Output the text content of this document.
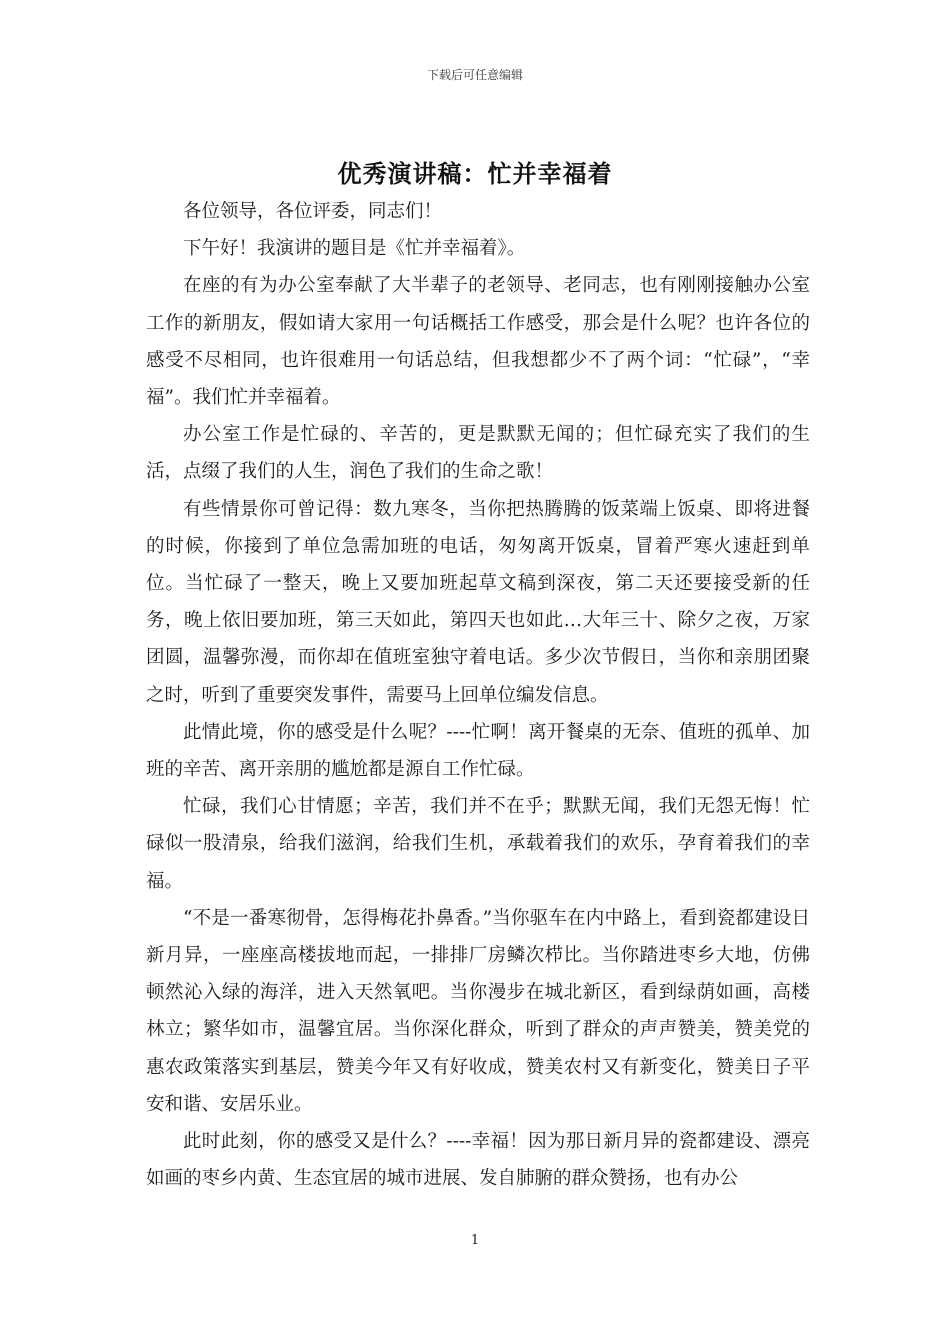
下载后可任意编辑
优秀演讲稿：忙并幸福着

各位领导，各位评委，同志们！

下午好！我演讲的题目是《忙并幸福着》。

在座的有为办公室奉献了大半辈子的老领导、老同志，也有刚刚接触办公室工作的新朋友，假如请大家用一句话概括工作感受，那会是什么呢？也许各位的感受不尽相同，也许很难用一句话总结，但我想都少不了两个词：“忙碌”，“幸福”。我们忙并幸福着。

办公室工作是忙碌的、辛苦的，更是默默无闻的；但忙碌充实了我们的生活，点缀了我们的人生，润色了我们的生命之歌！

有些情景你可曾记得：数九寒冬，当你把热腾腾的饭菜端上饭桌、即将进餐的时候，你接到了单位急需加班的电话，匆匆离开饭桌，冒着严寒火速赶到单位。当忙碌了一整天，晚上又要加班起草文稿到深夜，第二天还要接受新的任务，晚上依旧要加班，第三天如此，第四天也如此…大年三十、除夕之夜，万家团圆，温馨弥漫，而你却在值班室独守着电话。多少次节假日，当你和亲朋团聚之时，听到了重要突发事件，需要马上回单位编发信息。

此情此境，你的感受是什么呢？----忙啊！离开餐桌的无奈、值班的孤单、加班的辛苦、离开亲朋的尴尬都是源自工作忙碌。

忙碌，我们心甘情愿；辛苦，我们并不在乎；默默无闻，我们无怨无悔！忙碌似一股清泉，给我们滋润，给我们生机，承载着我们的欢乐，孕育着我们的幸福。

“不是一番寒彻骨，怎得梅花扑鼻香。”当你驱车在内中路上，看到瓷都建设日新月异，一座座高楼拔地而起，一排排厂房鳞次栉比。当你踏进枣乡大地，仿佛顿然沁入绿的海洋，进入天然氧吧。当你漫步在城北新区，看到绿荫如画，高楼林立；繁华如市，温馨宜居。当你深化群众，听到了群众的声声赞美，赞美党的惠农政策落实到基层，赞美今年又有好收成，赞美农村又有新变化，赞美日子平安和谐、安居乐业。

此时此刻，你的感受又是什么？----幸福！因为那日新月异的瓷都建设、漂亮如画的枣乡内黄、生态宜居的城市进展、发自肺腑的群众赞扬，也有办公

1
